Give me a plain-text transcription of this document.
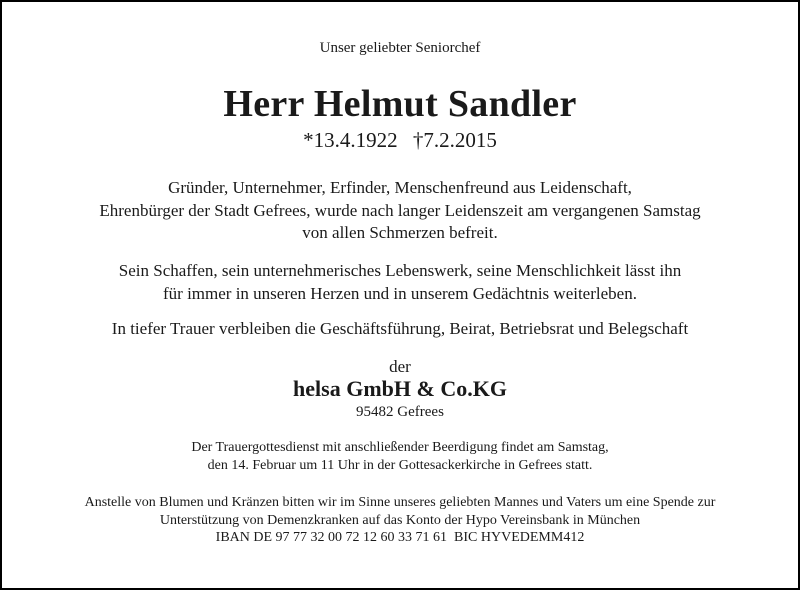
Unser geliebter Seniorchef
Herr Helmut Sandler
*13.4.1922 †7.2.2015
Gründer, Unternehmer, Erfinder, Menschenfreund aus Leidenschaft,
Ehrenbürger der Stadt Gefrees, wurde nach langer Leidenszeit am vergangenen Samstag
von allen Schmerzen befreit.
Sein Schaffen, sein unternehmerisches Lebenswerk, seine Menschlichkeit lässt ihn
für immer in unseren Herzen und in unserem Gedächtnis weiterleben.
In tiefer Trauer verbleiben die Geschäftsführung, Beirat, Betriebsrat und Belegschaft
der
helsa GmbH & Co.KG
95482 Gefrees
Der Trauergottesdienst mit anschließender Beerdigung findet am Samstag,
den 14. Februar um 11 Uhr in der Gottesackerkirche in Gefrees statt.
Anstelle von Blumen und Kränzen bitten wir im Sinne unseres geliebten Mannes und Vaters um eine Spende zur
Unterstützung von Demenzkranken auf das Konto der Hypo Vereinsbank in München
IBAN DE 97 77 32 00 72 12 60 33 71 61  BIC HYVEDEMM412
